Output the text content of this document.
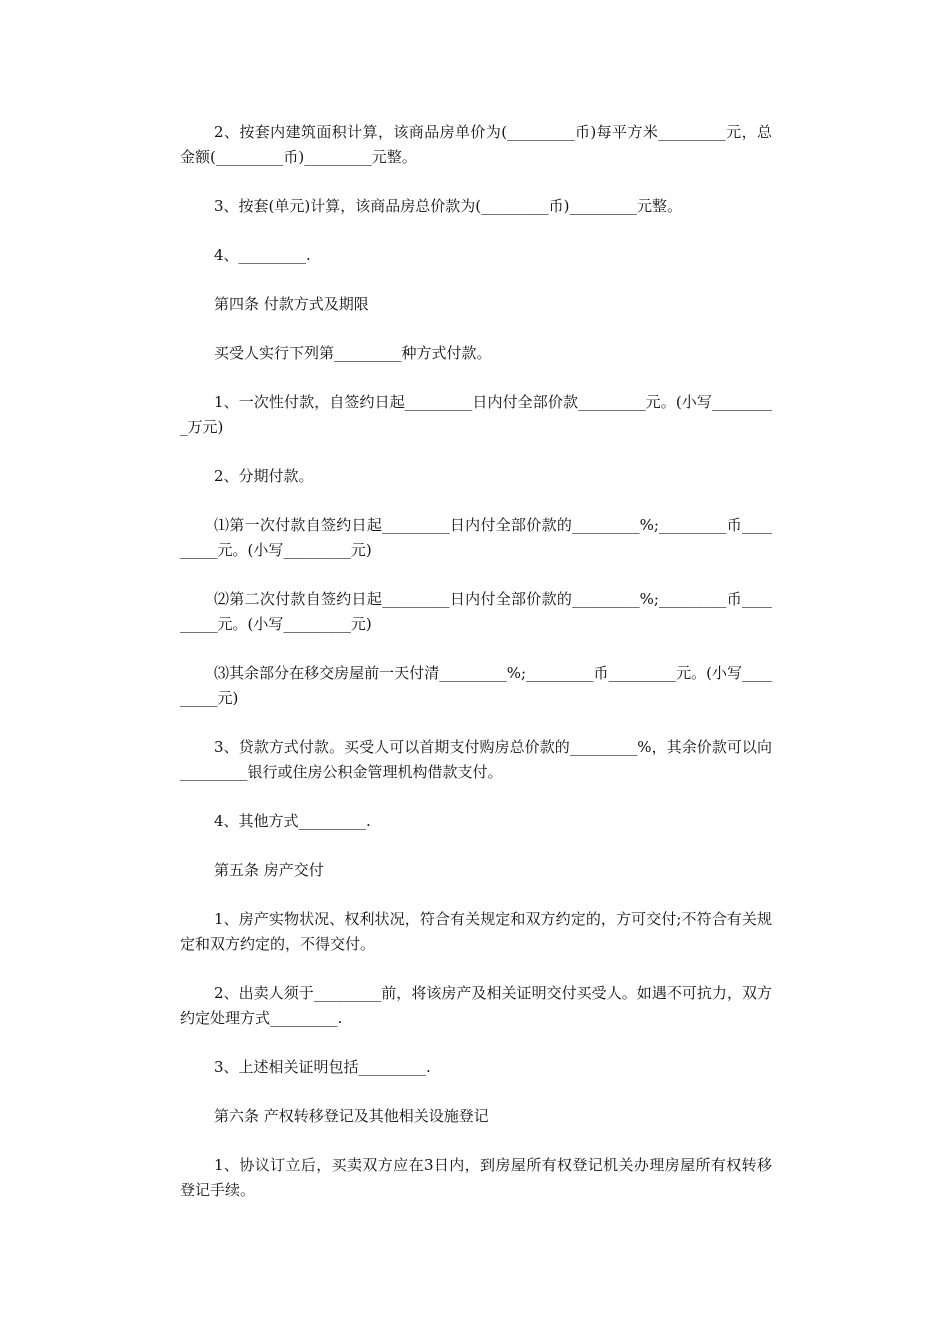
2、按套内建筑面积计算，该商品房单价为(_________币)每平方米_________元，总金额(_________币)_________元整。

3、按套(单元)计算，该商品房总价款为(_________币)_________元整。

4、_________.

第四条 付款方式及期限

买受人实行下列第_________种方式付款。

1、一次性付款，自签约日起_________日内付全部价款_________元。(小写_________万元)

2、分期付款。

⑴第一次付款自签约日起_________日内付全部价款的_________%;_________币_________元。(小写_________元)

⑵第二次付款自签约日起_________日内付全部价款的_________%;_________币_________元。(小写_________元)

⑶其余部分在移交房屋前一天付清_________%;_________币_________元。(小写_________元)

3、贷款方式付款。买受人可以首期支付购房总价款的_________%，其余价款可以向_________银行或住房公积金管理机构借款支付。

4、其他方式_________.

第五条 房产交付

1、房产实物状况、权利状况，符合有关规定和双方约定的，方可交付;不符合有关规定和双方约定的，不得交付。

2、出卖人须于_________前，将该房产及相关证明交付买受人。如遇不可抗力，双方约定处理方式_________.

3、上述相关证明包括_________.

第六条 产权转移登记及其他相关设施登记

1、协议订立后，买卖双方应在3日内，到房屋所有权登记机关办理房屋所有权转移登记手续。
